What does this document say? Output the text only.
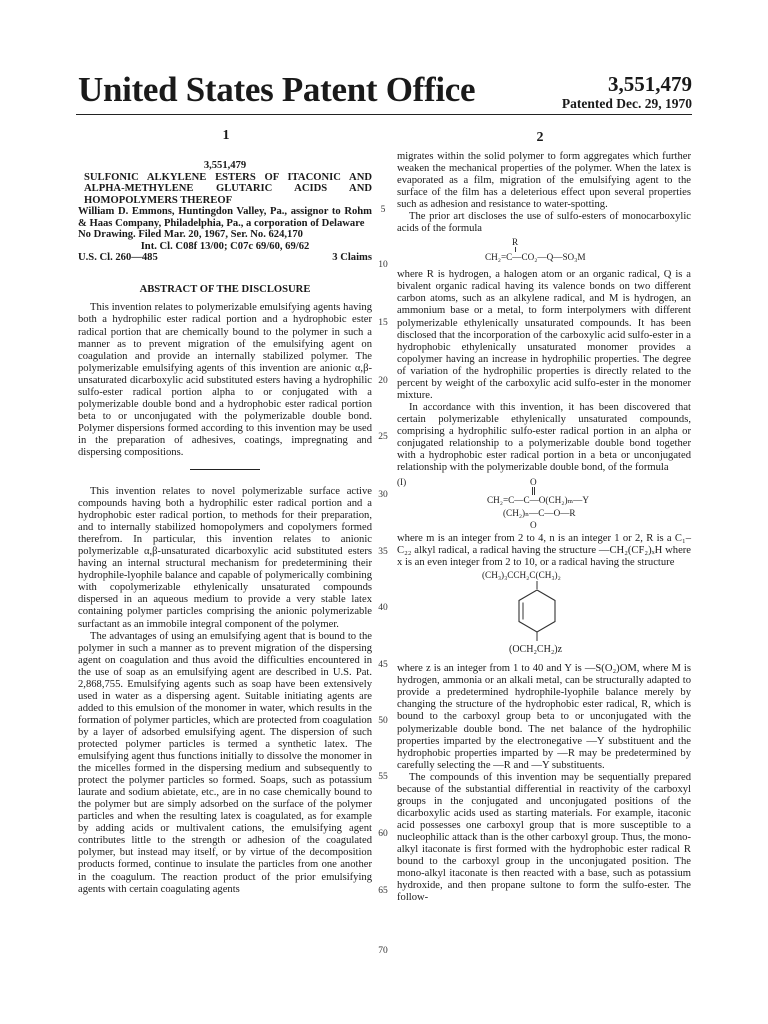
United States Patent Office	3,551,479
Patented Dec. 29, 1970
1	2

3,551,479

SULFONIC ALKYLENE ESTERS OF ITACONIC AND ALPHA-METHYLENE GLUTARIC ACIDS AND HOMOPOLYMERS THEREOF

William D. Emmons, Huntingdon Valley, Pa., assignor to Rohm & Haas Company, Philadelphia, Pa., a corporation of Delaware

No Drawing. Filed Mar. 20, 1967, Ser. No. 624,170

Int. Cl. C08f 13/00; C07c 69/60, 69/62

U.S. Cl. 260—485	3 Claims

ABSTRACT OF THE DISCLOSURE

This invention relates to polymerizable emulsifying agents having both a hydrophilic ester radical portion and a hydrophobic ester radical portion that are chemically bound to the polymer in such a manner as to prevent migration of the emulsifying agent on coagulation and provide an internally stabilized polymer. The polymerizable emulsifying agents of this invention are anionic α,β-unsaturated dicarboxylic acid substituted esters having a hydrophilic sulfo-ester radical portion alpha to or conjugated with a polymerizable double bond and a hydrophobic ester radical portion beta to or unconjugated with the polymerizable double bond. Polymer dispersions formed according to this invention may be used in the preparation of adhesives, coatings, impregnating and dispersing compositions.

This invention relates to novel polymerizable surface active compounds having both a hydrophilic ester radical portion and a hydrophobic ester radical portion, to methods for their preparation, and to internally stabilized homopolymers and copolymers formed therefrom. In particular, this invention relates to anionic polymerizable α,β-unsaturated dicarboxylic acid substituted esters having an internal structural mechanism for predetermining their hydrophile-lyophile balance and capable of polymerically combining with copolymerizable ethylenically unsaturated compounds dispersed in an aqueous medium to provide a very stable latex containing polymer particles comprising the anionic polymerizable surfactant as an immobile integral component of the polymer.

The advantages of using an emulsifying agent that is bound to the polymer in such a manner as to prevent migration of the dispersing agent on coagulation and thus avoid the difficulties encountered in the use of soap as an emulsifying agent are described in U.S. Pat. 2,868,755. Emulsifying agents such as soap have been extensively used in water as a dispersing agent. Suitable initiating agents are added to this emulsion of the monomer in water, which results in the formation of polymer particles, which are protected from coagulation by a layer of adsorbed emulsifying agent. The dispersion of such protected polymer particles is termed a synthetic latex. The emulsifying agent thus functions initially to dissolve the monomer in the micelles formed in the dispersing medium and subsequently to protect the polymer particles so formed. Soaps, such as potassium laurate and sodium abietate, etc., are in no case chemically bound to the polymer but are simply adsorbed on the surface of the polymer particles and when the resulting latex is coagulated, as for example by adding acids or multivalent cations, the emulsifying agent contributes little to the strength or adhesion of the coagulated polymer, but instead may itself, or by virtue of the decomposition products formed, continue to insulate the particles from one another in the coagulum. The reaction product of the prior emulsifying agents with certain coagulating agents

5
10
15
20
25
30
35
40
45
50
55
60
65
70

migrates within the solid polymer to form aggregates which further weaken the mechanical properties of the polymer. When the latex is evaporated as a film, migration of the emulsifying agent to the surface of the film has a deleterious effect upon several properties such as adhesion and resistance to water-spotting.

The prior art discloses the use of sulfo-esters of monocarboxylic acids of the formula

R
CH₂=C—CO₂—Q—SO₃M

where R is hydrogen, a halogen atom or an organic radical, Q is a bivalent organic radical having its valence bonds on two different carbon atoms, such as an alkylene radical, and M is hydrogen, an ammonium base or a metal, to form interpolymers with different polymerizable ethylenically unsaturated compounds. It has been disclosed that the incorporation of the carboxylic acid sulfo-ester in a hydrophobic ethylenically unsaturated monomer provides a copolymer having an increase in hydrophilic properties. The degree of variation of the hydrophilic properties is directly related to the percent by weight of the carboxylic acid sulfo-ester in the monomer mixture.

In accordance with this invention, it has been discovered that certain polymerizable ethylenically unsaturated compounds, comprising a hydrophilic sulfo-ester radical portion in an alpha or conjugated relationship to a polymerizable double bond together with a hydrophobic ester radical portion in a beta or unconjugated relationship with the polymerizable double bond, of the formula

(I)	O
CH₂=C—C—O(CH₂)ₘ—Y
(CH₂)ₙ—C—O—R
O

where m is an integer from 2 to 4, n is an integer 1 or 2, R is a C₁–C₂₂ alkyl radical, a radical having the structure —CH₂(CF₂)ₓH where x is an even integer from 2 to 10, or a radical having the structure

(CH₃)₃CCH₂C(CH₃)₂
(OCH₂CH₂)z

where z is an integer from 1 to 40 and Y is —S(O₂)OM, where M is hydrogen, ammonia or an alkali metal, can be structurally adapted to provide a predetermined hydrophile-lyophile balance merely by changing the structure of the hydrophobic ester radical, R, which is bound to the carboxyl group beta to or unconjugated with the polymerizable double bond. The net balance of the hydrophilic properties imparted by the electronegative —Y substituent and the hydrophobic properties imparted by —R may be predetermined by carefully selecting the —R and —Y substituents.

The compounds of this invention may be sequentially prepared because of the substantial differential in reactivity of the carboxyl groups in the conjugated and unconjugated positions of the dicarboxylic acids used as starting materials. For example, itaconic acid possesses one carboxyl group that is more susceptible to a nucleophilic attack than is the other carboxyl group. Thus, the mono-alkyl itaconate is first formed with the hydrophobic ester radical R bound to the carboxyl group in the unconjugated position. The mono-alkyl itaconate is then reacted with a base, such as potassium hydroxide, and then propane sultone to form the sulfo-ester. The follow-
